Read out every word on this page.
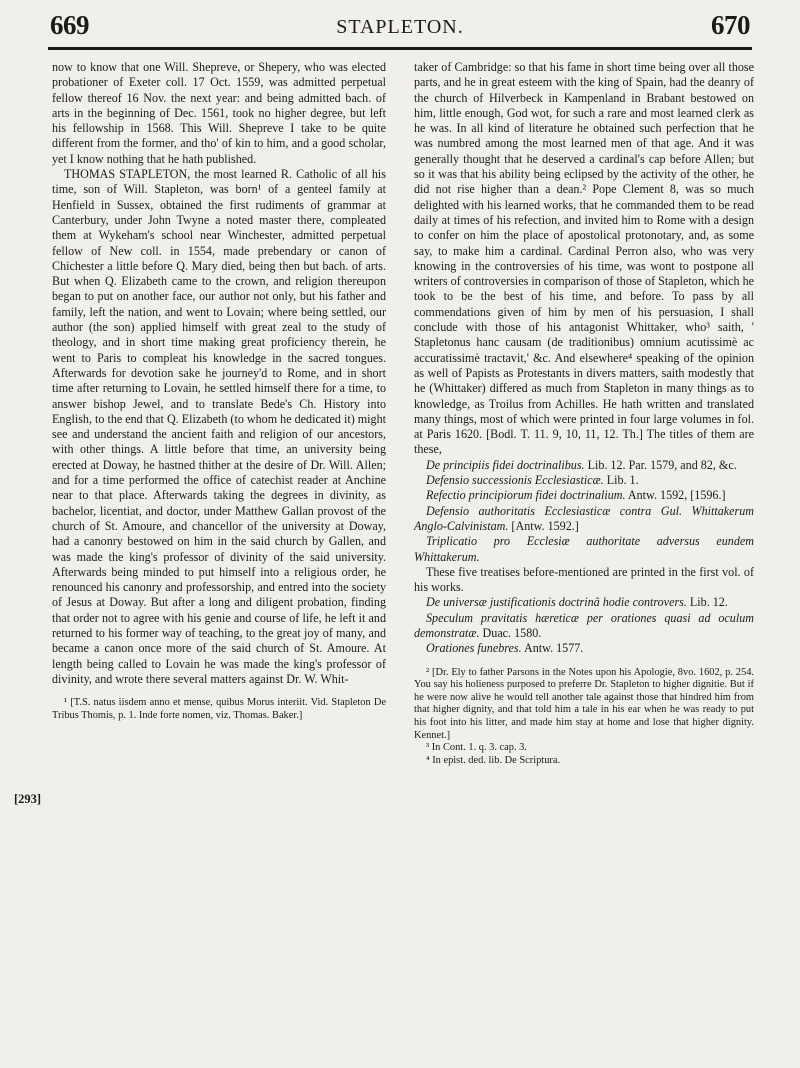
669	STAPLETON.	670
[293]

now to know that one Will. Shepreve, or Shepery, who was elected probationer of Exeter coll. 17 Oct. 1559, was admitted perpetual fellow thereof 16 Nov. the next year: and being admitted bach. of arts in the beginning of Dec. 1561, took no higher degree, but left his fellowship in 1568. This Will. Shepreve I take to be quite different from the former, and tho' of kin to him, and a good scholar, yet I know nothing that he hath published.

THOMAS STAPLETON, the most learned R. Catholic of all his time, son of Will. Stapleton, was born¹ of a genteel family at Henfield in Sussex, obtained the first rudiments of grammar at Canterbury, under John Twyne a noted master there, compleated them at Wykeham's school near Winchester, admitted perpetual fellow of New coll. in 1554, made prebendary or canon of Chichester a little before Q. Mary died, being then but bach. of arts. But when Q. Elizabeth came to the crown, and religion thereupon began to put on another face, our author not only, but his father and family, left the nation, and went to Lovain; where being settled, our author (the son) applied himself with great zeal to the study of theology, and in short time making great proficiency therein, he went to Paris to compleat his knowledge in the sacred tongues. Afterwards for devotion sake he journey'd to Rome, and in short time after returning to Lovain, he settled himself there for a time, to answer bishop Jewel, and to translate Bede's Ch. History into English, to the end that Q. Elizabeth (to whom he dedicated it) might see and understand the ancient faith and religion of our ancestors, with other things. A little before that time, an university being erected at Doway, he hastned thither at the desire of Dr. Will. Allen; and for a time performed the office of catechist reader at Anchine near to that place. Afterwards taking the degrees in divinity, as bachelor, licentiat, and doctor, under Matthew Gallan provost of the church of St. Amoure, and chancellor of the university at Doway, had a canonry bestowed on him in the said church by Gallen, and was made the king's professor of divinity of the said university. Afterwards being minded to put himself into a religious order, he renounced his canonry and professorship, and entred into the society of Jesus at Doway. But after a long and diligent probation, finding that order not to agree with his genie and course of life, he left it and returned to his former way of teaching, to the great joy of many, and became a canon once more of the said church of St. Amoure. At length being called to Lovain he was made the king's professor of divinity, and wrote there several matters against Dr. W. Whit-

¹ [T.S. natus iisdem anno et mense, quibus Morus interiit. Vid. Stapleton De Tribus Thomis, p. 1. Inde forte nomen, viz. Thomas. Baker.]

taker of Cambridge: so that his fame in short time being over all those parts, and he in great esteem with the king of Spain, had the deanry of the church of Hilverbeck in Kampenland in Brabant bestowed on him, little enough, God wot, for such a rare and most learned clerk as he was. In all kind of literature he obtained such perfection that he was numbred among the most learned men of that age. And it was generally thought that he deserved a cardinal's cap before Allen; but so it was that his ability being eclipsed by the activity of the other, he did not rise higher than a dean.² Pope Clement 8, was so much delighted with his learned works, that he commanded them to be read daily at times of his refection, and invited him to Rome with a design to confer on him the place of apostolical protonotary, and, as some say, to make him a cardinal. Cardinal Perron also, who was very knowing in the controversies of his time, was wont to postpone all writers of controversies in comparison of those of Stapleton, which he took to be the best of his time, and before. To pass by all commendations given of him by men of his persuasion, I shall conclude with those of his antagonist Whittaker, who³ saith, ' Stapletonus hanc causam (de traditionibus) omnium acutissimè ac accuratissimè tractavit,' &c. And elsewhere⁴ speaking of the opinion as well of Papists as Protestants in divers matters, saith modestly that he (Whittaker) differed as much from Stapleton in many things as to knowledge, as Troilus from Achilles. He hath written and translated many things, most of which were printed in four large volumes in fol. at Paris 1620. [Bodl. T. 11. 9, 10, 11, 12. Th.] The titles of them are these,

De principiis fidei doctrinalibus. Lib. 12. Par. 1579, and 82, &c.

Defensio successionis Ecclesiasticæ. Lib. 1.

Refectio principiorum fidei doctrinalium. Antw. 1592, [1596.]

Defensio authoritatis Ecclesiasticæ contra Gul. Whittakerum Anglo-Calvinistam. [Antw. 1592.]

Triplicatio pro Ecclesiæ authoritate adversus eundem Whittakerum.

These five treatises before-mentioned are printed in the first vol. of his works.

De universæ justificationis doctrinâ hodie controvers. Lib. 12.

Speculum pravitatis hæreticæ per orationes quasi ad oculum demonstratæ. Duac. 1580.

Orationes funebres. Antw. 1577.

² [Dr. Ely to father Parsons in the Notes upon his Apologie, 8vo. 1602, p. 254. You say his holieness purposed to preferre Dr. Stapleton to higher dignitie. But if he were now alive he would tell another tale against those that hindred him from that higher dignity, and that told him a tale in his ear when he was ready to put his foot into his litter, and made him stay at home and lose that higher dignity. Kennet.]

³ In Cont. 1. q. 3. cap. 3.

⁴ In epist. ded. lib. De Scriptura.
